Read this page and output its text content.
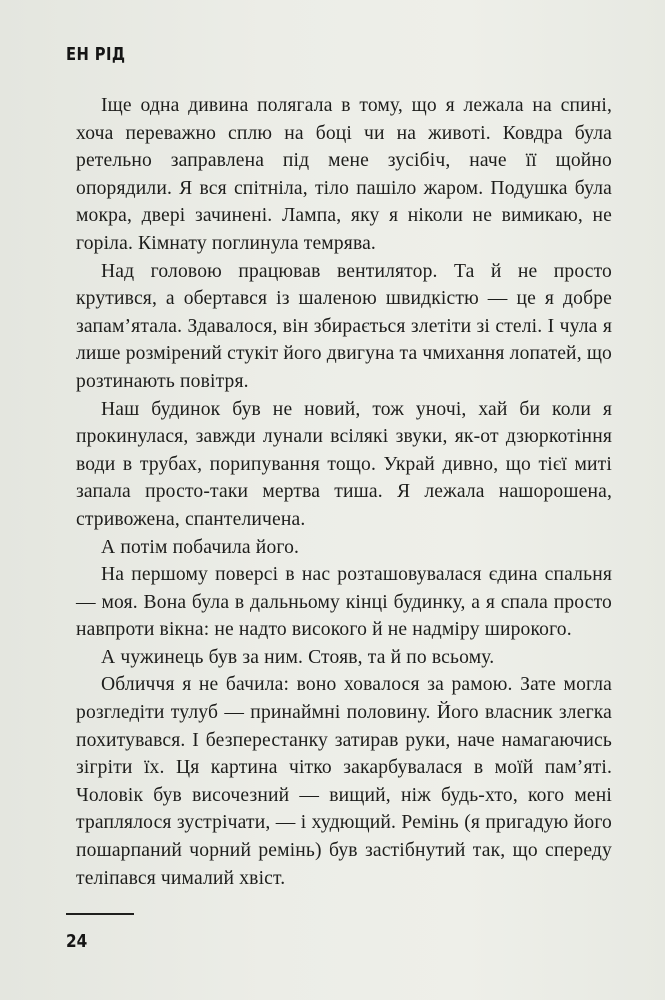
ЕН РІД

Іще одна дивина полягала в тому, що я лежала на спині, хоча переважно сплю на боці чи на животі. Ковдра була ретельно заправлена під мене зусібіч, наче її щойно опорядили. Я вся спітніла, тіло пашіло жаром. Подушка була мокра, двері зачинені. Лампа, яку я ніколи не вимикаю, не горіла. Кімнату поглинула темрява.

Над головою працював вентилятор. Та й не просто крутився, а обертався із шаленою швидкістю — це я добре запам’ятала. Здавалося, він збирається злетіти зі стелі. І чула я лише розмірений стукіт його двигуна та чмихання лопатей, що розтинають повітря.

Наш будинок був не новий, тож уночі, хай би коли я прокинулася, завжди лунали всілякі звуки, як-от дзюркотіння води в трубах, порипування тощо. Украй дивно, що тієї миті запала просто-таки мертва тиша. Я лежала нашорошена, стривожена, спантеличена.

А потім побачила його.

На першому поверсі в нас розташовувалася єдина спальня — моя. Вона була в дальньому кінці будинку, а я спала просто навпроти вікна: не надто високого й не надміру широкого.

А чужинець був за ним. Стояв, та й по всьому.

Обличчя я не бачила: воно ховалося за рамою. Зате могла розгледіти тулуб — принаймні половину. Його власник злегка похитувався. І безперестанку затирав руки, наче намагаючись зігріти їх. Ця картина чітко закарбувалася в моїй пам’яті. Чоловік був височезний — вищий, ніж будь-хто, кого мені траплялося зустрічати, — і худющий. Ремінь (я пригадую його пошарпаний чорний ремінь) був застібнутий так, що спереду теліпався чималий хвіст.

24
